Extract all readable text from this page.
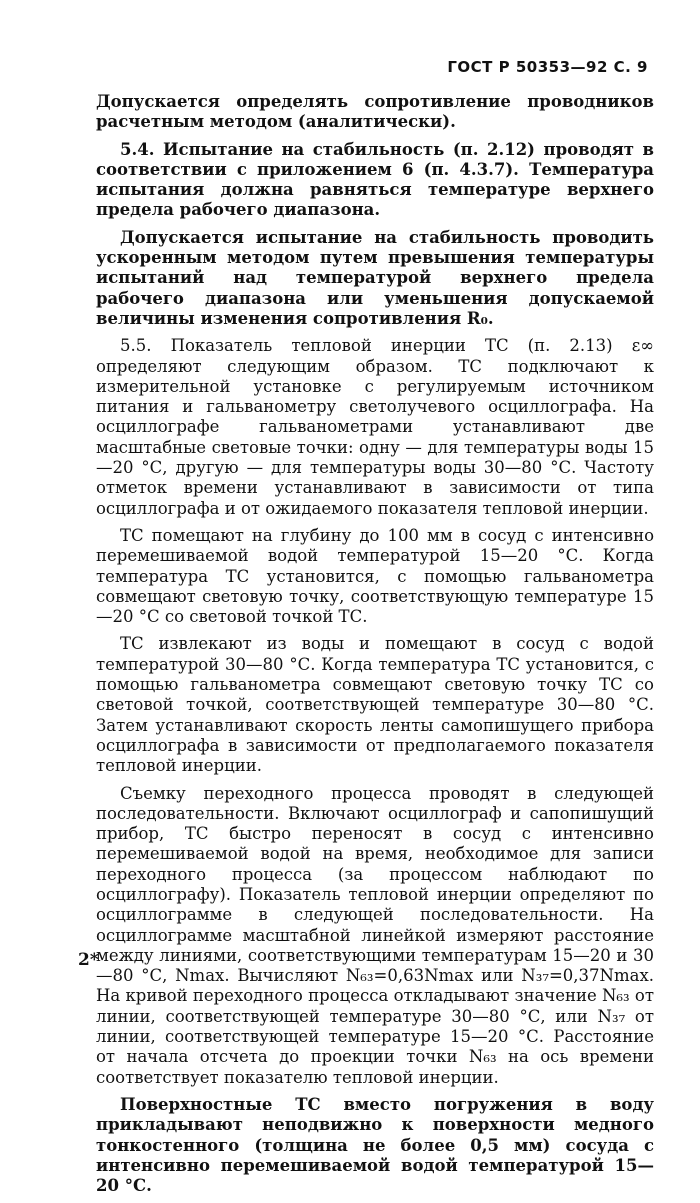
ГОСТ Р 50353—92 С. 9

Допускается определять сопротивление проводников расчетным методом (аналитически).

5.4. Испытание на стабильность (п. 2.12) проводят в соответствии с приложением 6 (п. 4.3.7). Температура испытания должна равняться температуре верхнего предела рабочего диапазона.

Допускается испытание на стабильность проводить ускоренным методом путем превышения температуры испытаний над температурой верхнего предела рабочего диапазона или уменьшения допускаемой величины изменения сопротивления R₀.

5.5. Показатель тепловой инерции ТС (п. 2.13) ε∞ определяют следующим образом. ТС подключают к измерительной установке с регулируемым источником питания и гальванометру светолучевого осциллографа. На осциллографе гальванометрами устанавливают две масштабные световые точки: одну — для температуры воды 15—20 °С, другую — для температуры воды 30—80 °С. Частоту отметок времени устанавливают в зависимости от типа осциллографа и от ожидаемого показателя тепловой инерции.

ТС помещают на глубину до 100 мм в сосуд с интенсивно перемешиваемой водой температурой 15—20 °С. Когда температура ТС установится, с помощью гальванометра совмещают световую точку, соответствующую температуре 15—20 °С со световой точкой ТС.

ТС извлекают из воды и помещают в сосуд с водой температурой 30—80 °С. Когда температура ТС установится, с помощью гальванометра совмещают световую точку ТС со световой точкой, соответствующей температуре 30—80 °С. Затем устанавливают скорость ленты самопишущего прибора осциллографа в зависимости от предполагаемого показателя тепловой инерции.

Съемку переходного процесса проводят в следующей последовательности. Включают осциллограф и сапопишущий прибор, ТС быстро переносят в сосуд с интенсивно перемешиваемой водой на время, необходимое для записи переходного процесса (за процессом наблюдают по осциллографу). Показатель тепловой инерции определяют по осциллограмме в следующей последовательности. На осциллограмме масштабной линейкой измеряют расстояние между линиями, соответствующими температурам 15—20 и 30—80 °С, Nmax. Вычисляют N₆₃=0,63Nmax или N₃₇=0,37Nmax. На кривой переходного процесса откладывают значение N₆₃ от линии, соответствующей температуре 30—80 °С, или N₃₇ от линии, соответствующей температуре 15—20 °С. Расстояние от начала отсчета до проекции точки N₆₃ на ось времени соответствует показателю тепловой инерции.

Поверхностные ТС вместо погружения в воду прикладывают неподвижно к поверхности медного тонкостенного (толщина не более 0,5 мм) сосуда с интенсивно перемешиваемой водой температурой 15—20 °С.

2*
